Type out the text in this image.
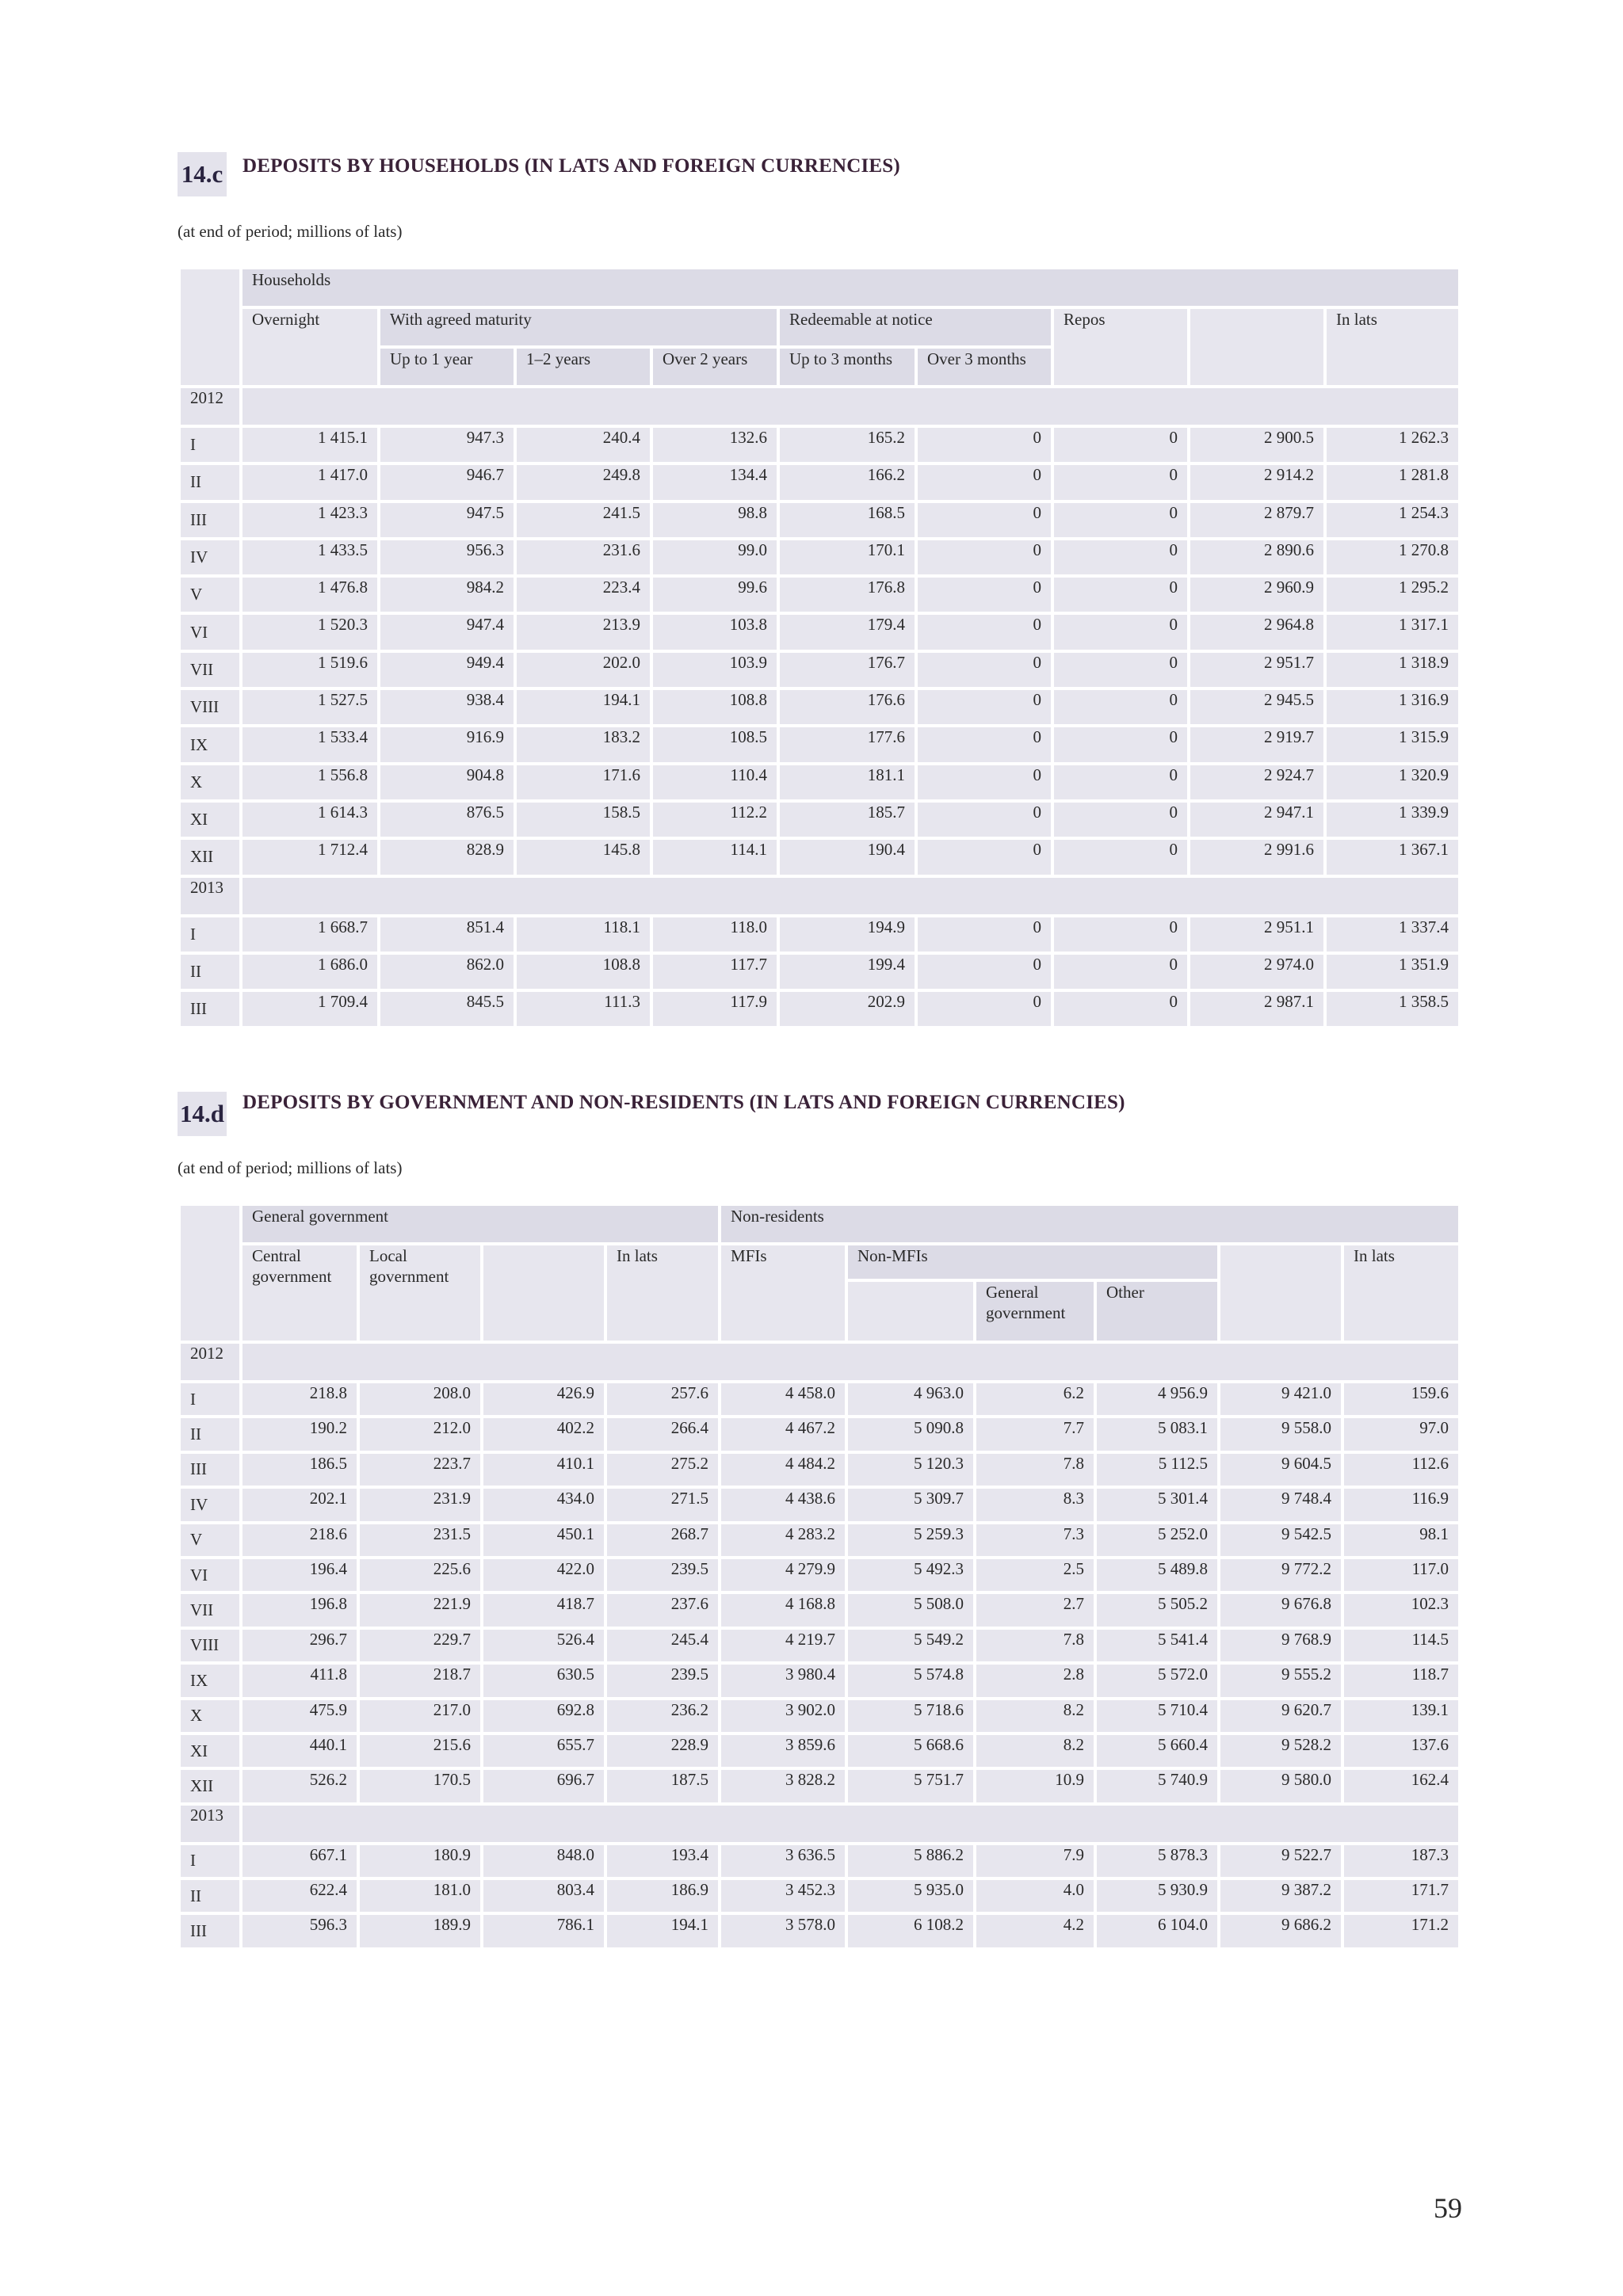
14.c DEPOSITS BY HOUSEHOLDS (IN LATS AND FOREIGN CURRENCIES)
(at end of period; millions of lats)
	Households								
	Overnight	With agreed maturity			Redeemable at notice		Repos		In lats
		Up to 1 year	1–2 years	Over 2 years	Up to 3 months	Over 3 months			
2012									
I	1 415.1	947.3	240.4	132.6	165.2	0	0	2 900.5	1 262.3
II	1 417.0	946.7	249.8	134.4	166.2	0	0	2 914.2	1 281.8
III	1 423.3	947.5	241.5	98.8	168.5	0	0	2 879.7	1 254.3
IV	1 433.5	956.3	231.6	99.0	170.1	0	0	2 890.6	1 270.8
V	1 476.8	984.2	223.4	99.6	176.8	0	0	2 960.9	1 295.2
VI	1 520.3	947.4	213.9	103.8	179.4	0	0	2 964.8	1 317.1
VII	1 519.6	949.4	202.0	103.9	176.7	0	0	2 951.7	1 318.9
VIII	1 527.5	938.4	194.1	108.8	176.6	0	0	2 945.5	1 316.9
IX	1 533.4	916.9	183.2	108.5	177.6	0	0	2 919.7	1 315.9
X	1 556.8	904.8	171.6	110.4	181.1	0	0	2 924.7	1 320.9
XI	1 614.3	876.5	158.5	112.2	185.7	0	0	2 947.1	1 339.9
XII	1 712.4	828.9	145.8	114.1	190.4	0	0	2 991.6	1 367.1
2013									
I	1 668.7	851.4	118.1	118.0	194.9	0	0	2 951.1	1 337.4
II	1 686.0	862.0	108.8	117.7	199.4	0	0	2 974.0	1 351.9
III	1 709.4	845.5	111.3	117.9	202.9	0	0	2 987.1	1 358.5
14.d DEPOSITS BY GOVERNMENT AND NON-RESIDENTS (IN LATS AND FOREIGN CURRENCIES)
(at end of period; millions of lats)
	General government				Non-residents					
	Central government	Local government		In lats	MFIs	Non-MFIs				In lats
							General government	Other		
2012										
I	218.8	208.0	426.9	257.6	4 458.0	4 963.0	6.2	4 956.9	9 421.0	159.6
II	190.2	212.0	402.2	266.4	4 467.2	5 090.8	7.7	5 083.1	9 558.0	97.0
III	186.5	223.7	410.1	275.2	4 484.2	5 120.3	7.8	5 112.5	9 604.5	112.6
IV	202.1	231.9	434.0	271.5	4 438.6	5 309.7	8.3	5 301.4	9 748.4	116.9
V	218.6	231.5	450.1	268.7	4 283.2	5 259.3	7.3	5 252.0	9 542.5	98.1
VI	196.4	225.6	422.0	239.5	4 279.9	5 492.3	2.5	5 489.8	9 772.2	117.0
VII	196.8	221.9	418.7	237.6	4 168.8	5 508.0	2.7	5 505.2	9 676.8	102.3
VIII	296.7	229.7	526.4	245.4	4 219.7	5 549.2	7.8	5 541.4	9 768.9	114.5
IX	411.8	218.7	630.5	239.5	3 980.4	5 574.8	2.8	5 572.0	9 555.2	118.7
X	475.9	217.0	692.8	236.2	3 902.0	5 718.6	8.2	5 710.4	9 620.7	139.1
XI	440.1	215.6	655.7	228.9	3 859.6	5 668.6	8.2	5 660.4	9 528.2	137.6
XII	526.2	170.5	696.7	187.5	3 828.2	5 751.7	10.9	5 740.9	9 580.0	162.4
2013										
I	667.1	180.9	848.0	193.4	3 636.5	5 886.2	7.9	5 878.3	9 522.7	187.3
II	622.4	181.0	803.4	186.9	3 452.3	5 935.0	4.0	5 930.9	9 387.2	171.7
III	596.3	189.9	786.1	194.1	3 578.0	6 108.2	4.2	6 104.0	9 686.2	171.2
59
